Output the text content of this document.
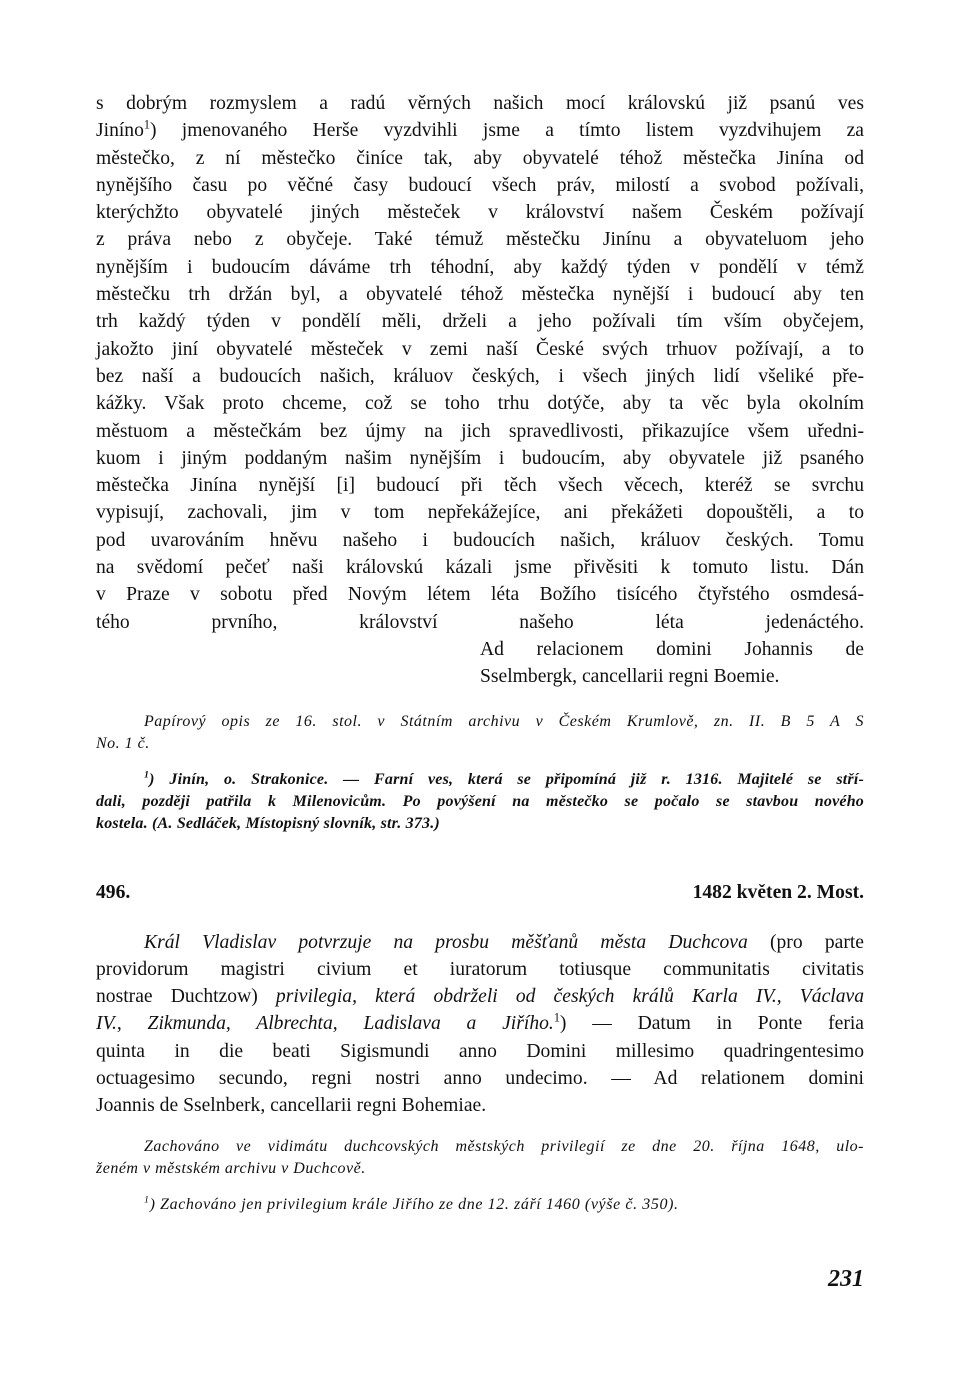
s dobrým rozmyslem a radú věrných našich mocí královskú již psanú ves
Jiníno$^1$) jmenovaného Herše vyzdvihli jsme a tímto listem vyzdvihujem za
městečko, z ní městečko činíce tak, aby obyvatelé téhož městečka Jinína od
nynějšího času po věčné časy budoucí všech práv, milostí a svobod požívali,
kterýchžto obyvatelé jiných městeček v království našem Českém požívají
z práva nebo z obyčeje. Také témuž městečku Jinínu a obyvateluom jeho
nynějším i budoucím dáváme trh téhodní, aby každý týden v pondělí v témž
městečku trh držán byl, a obyvatelé téhož městečka nynější i budoucí aby ten
trh každý týden v pondělí měli, drželi a jeho požívali tím vším obyčejem,
jakožto jiní obyvatelé městeček v zemi naší České svých trhuov požívají, a to
bez naší a budoucích našich, králuov českých, i všech jiných lidí všeliké pře-
kážky. Však proto chceme, což se toho trhu dotýče, aby ta věc byla okolním
městuom a městečkám bez újmy na jich spravedlivosti, přikazujíce všem uředni-
kuom i jiným poddaným našim nynějším i budoucím, aby obyvatele již psaného
městečka Jinína nynější [i] budoucí při těch všech věcech, kteréž se svrchu
vypisují, zachovali, jim v tom nepřekážejíce, ani překážeti dopouštěli, a to
pod uvarováním hněvu našeho i budoucích našich, králuov českých. Tomu
na svědomí pečeť naši královskú kázali jsme přivěsiti k tomuto listu. Dán
v Praze v sobotu před Novým létem léta Božího tisícého čtyřstého osmdesá-
tého prvního, království našeho léta jedenáctého.
Ad relacionem domini Johannis de
Sselmbergk, cancellarii regni Boemie.
Papírový opis ze 16. stol. v Státním archivu v Českém Krumlově, zn. II. B 5 A S
No. 1 č.
$^1$) Jinín, o. Strakonice. — Farní ves, která se připomíná již r. 1316. Majitelé se stří-
dali, později patřila k Milenovicům. Po povýšení na městečko se počalo se stavbou nového
kostela. (A. Sedláček, Místopisný slovník, str. 373.)
496.	1482 květen 2. Most.
Král Vladislav potvrzuje na prosbu měšťanů města Duchcova (pro parte
providorum magistri civium et iuratorum totiusque communitatis civitatis
nostrae Duchtzow) privilegia, která obdrželi od českých králů Karla IV., Václava
IV., Zikmunda, Albrechta, Ladislava a Jiřího.$^1$) — Datum in Ponte feria
quinta in die beati Sigismundi anno Domini millesimo quadringentesimo
octuagesimo secundo, regni nostri anno undecimo. — Ad relationem domini
Joannis de Sselnberk, cancellarii regni Bohemiae.
Zachováno ve vidimátu duchcovských městských privilegií ze dne 20. října 1648, ulo-
ženém v městském archivu v Duchcově.
$^1$) Zachováno jen privilegium krále Jiřího ze dne 12. září 1460 (výše č. 350).
231
